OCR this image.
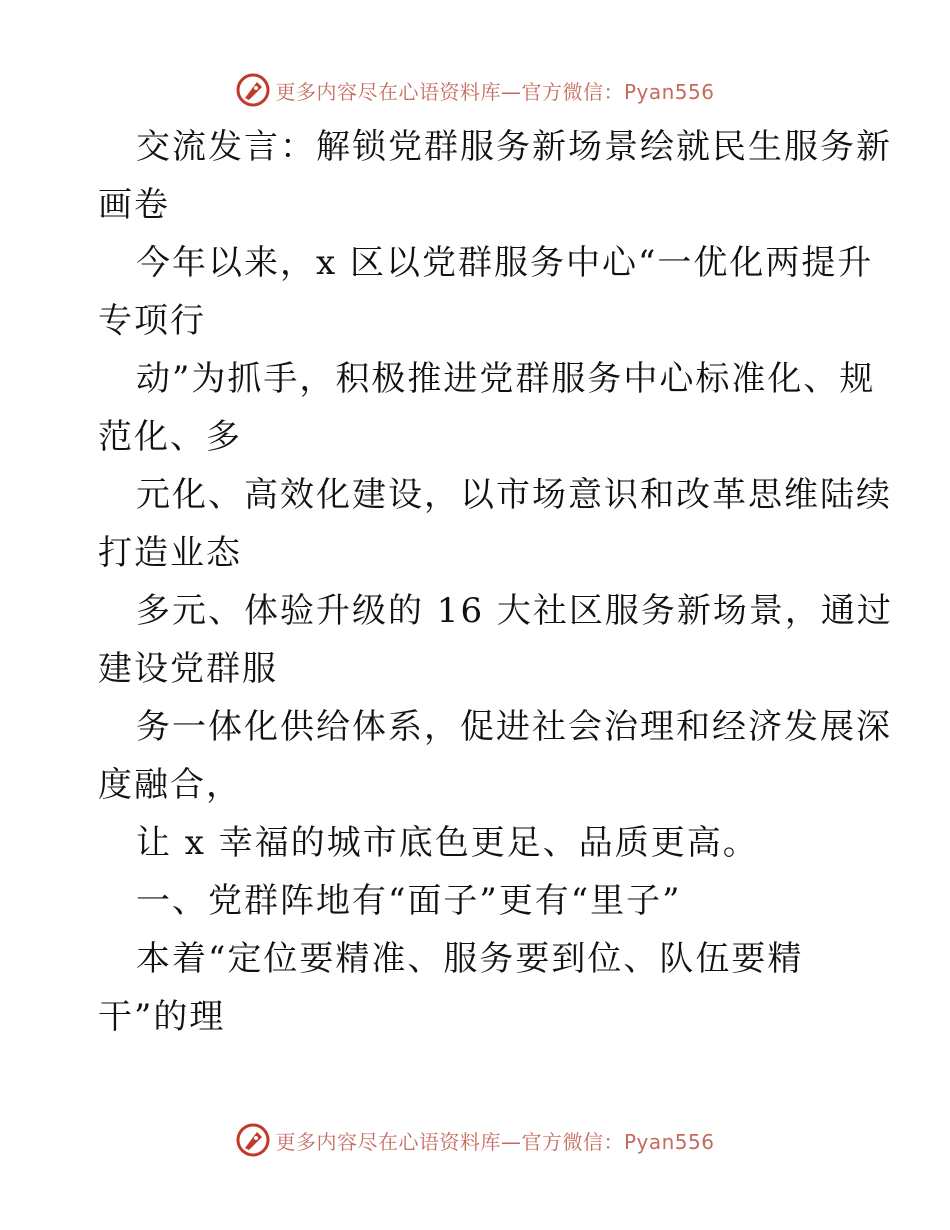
更多内容尽在心语资料库—官方微信：Pyan556
交流发言：解锁党群服务新场景绘就民生服务新
画卷
今年以来，x 区以党群服务中心“一优化两提升
专项行
动”为抓手，积极推进党群服务中心标准化、规
范化、多
元化、高效化建设，以市场意识和改革思维陆续
打造业态
多元、体验升级的 16 大社区服务新场景，通过
建设党群服
务一体化供给体系，促进社会治理和经济发展深
度融合，
让 x 幸福的城市底色更足、品质更高。
一、党群阵地有“面子”更有“里子”
本着“定位要精准、服务要到位、队伍要精
干”的理
更多内容尽在心语资料库—官方微信：Pyan556
